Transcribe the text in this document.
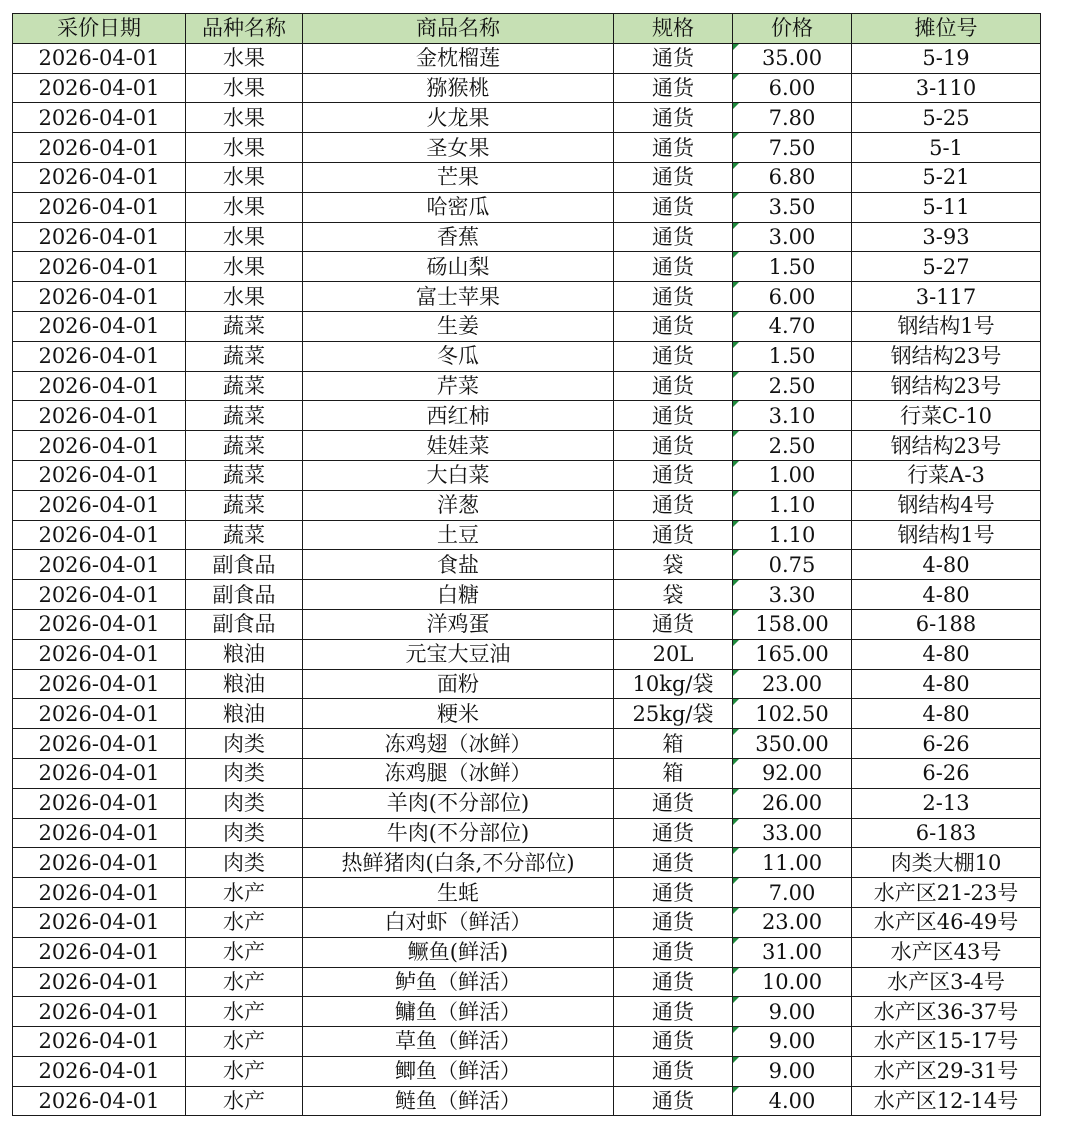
采价日期	品种名称	商品名称	规格	价格	摊位号
2026-04-01	水果	金枕榴莲	通货	35.00	5-19
2026-04-01	水果	猕猴桃	通货	6.00	3-110
2026-04-01	水果	火龙果	通货	7.80	5-25
2026-04-01	水果	圣女果	通货	7.50	5-1
2026-04-01	水果	芒果	通货	6.80	5-21
2026-04-01	水果	哈密瓜	通货	3.50	5-11
2026-04-01	水果	香蕉	通货	3.00	3-93
2026-04-01	水果	砀山梨	通货	1.50	5-27
2026-04-01	水果	富士苹果	通货	6.00	3-117
2026-04-01	蔬菜	生姜	通货	4.70	钢结构1号
2026-04-01	蔬菜	冬瓜	通货	1.50	钢结构23号
2026-04-01	蔬菜	芹菜	通货	2.50	钢结构23号
2026-04-01	蔬菜	西红柿	通货	3.10	行菜C-10
2026-04-01	蔬菜	娃娃菜	通货	2.50	钢结构23号
2026-04-01	蔬菜	大白菜	通货	1.00	行菜A-3
2026-04-01	蔬菜	洋葱	通货	1.10	钢结构4号
2026-04-01	蔬菜	土豆	通货	1.10	钢结构1号
2026-04-01	副食品	食盐	袋	0.75	4-80
2026-04-01	副食品	白糖	袋	3.30	4-80
2026-04-01	副食品	洋鸡蛋	通货	158.00	6-188
2026-04-01	粮油	元宝大豆油	20L	165.00	4-80
2026-04-01	粮油	面粉	10kg/袋	23.00	4-80
2026-04-01	粮油	粳米	25kg/袋	102.50	4-80
2026-04-01	肉类	冻鸡翅（冰鲜）	箱	350.00	6-26
2026-04-01	肉类	冻鸡腿（冰鲜）	箱	92.00	6-26
2026-04-01	肉类	羊肉(不分部位)	通货	26.00	2-13
2026-04-01	肉类	牛肉(不分部位)	通货	33.00	6-183
2026-04-01	肉类	热鲜猪肉(白条,不分部位)	通货	11.00	肉类大棚10
2026-04-01	水产	生蚝	通货	7.00	水产区21-23号
2026-04-01	水产	白对虾（鲜活）	通货	23.00	水产区46-49号
2026-04-01	水产	鳜鱼(鲜活)	通货	31.00	水产区43号
2026-04-01	水产	鲈鱼（鲜活）	通货	10.00	水产区3-4号
2026-04-01	水产	鳙鱼（鲜活）	通货	9.00	水产区36-37号
2026-04-01	水产	草鱼（鲜活）	通货	9.00	水产区15-17号
2026-04-01	水产	鲫鱼（鲜活）	通货	9.00	水产区29-31号
2026-04-01	水产	鲢鱼（鲜活）	通货	4.00	水产区12-14号
